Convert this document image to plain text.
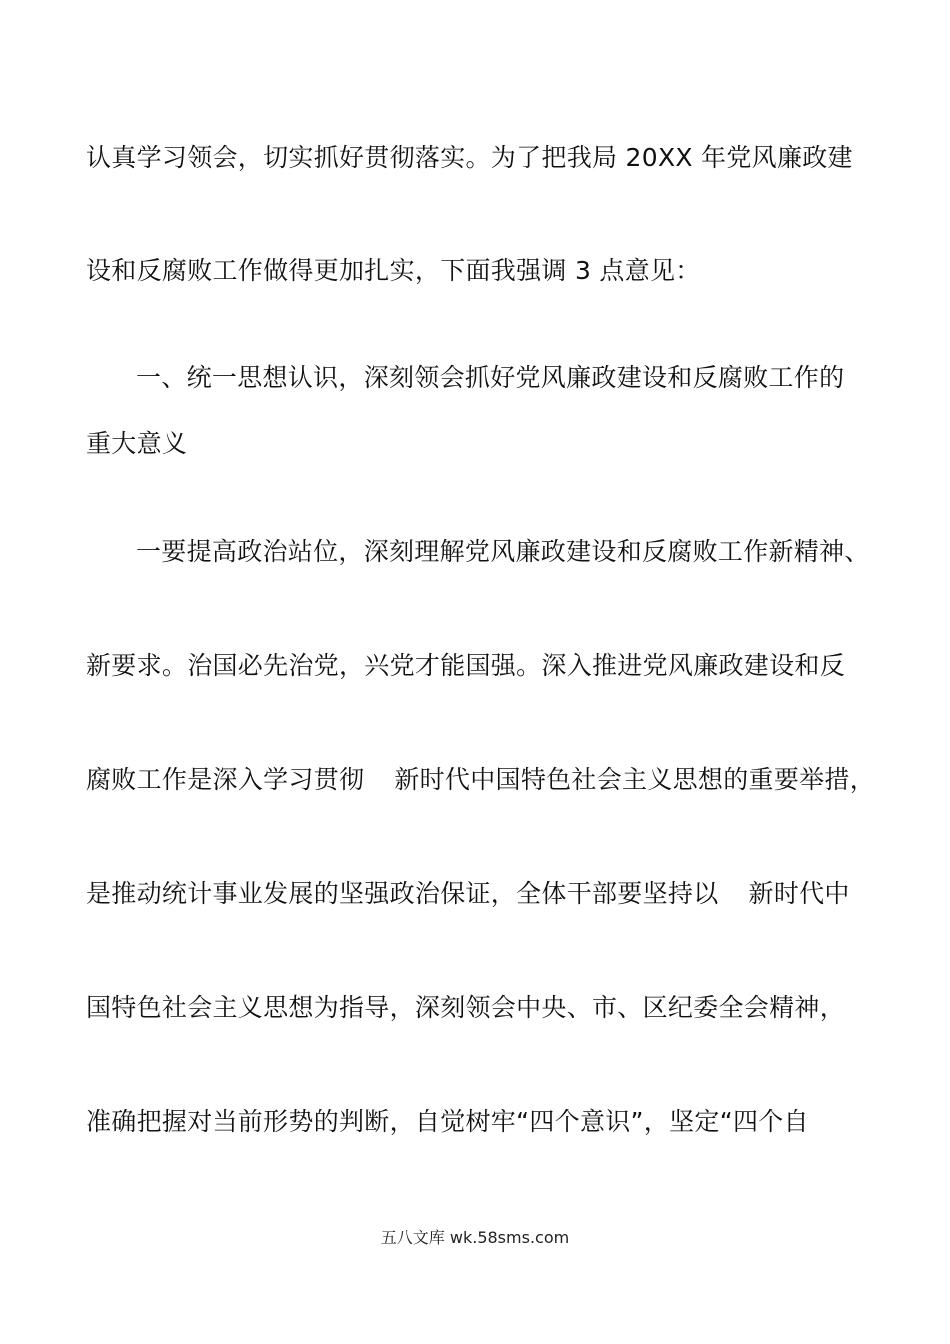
认真学习领会，切实抓好贯彻落实。为了把我局 20XX 年党风廉政建
设和反腐败工作做得更加扎实，下面我强调 3 点意见：
一、统一思想认识，深刻领会抓好党风廉政建设和反腐败工作的
重大意义
一要提高政治站位，深刻理解党风廉政建设和反腐败工作新精神、
新要求。治国必先治党，兴党才能国强。深入推进党风廉政建设和反
腐败工作是深入学习贯彻 新时代中国特色社会主义思想的重要举措，
是推动统计事业发展的坚强政治保证，全体干部要坚持以 新时代中
国特色社会主义思想为指导，深刻领会中央、市、区纪委全会精神，
准确把握对当前形势的判断，自觉树牢“四个意识”，坚定“四个自
五八文库 wk.58sms.com
